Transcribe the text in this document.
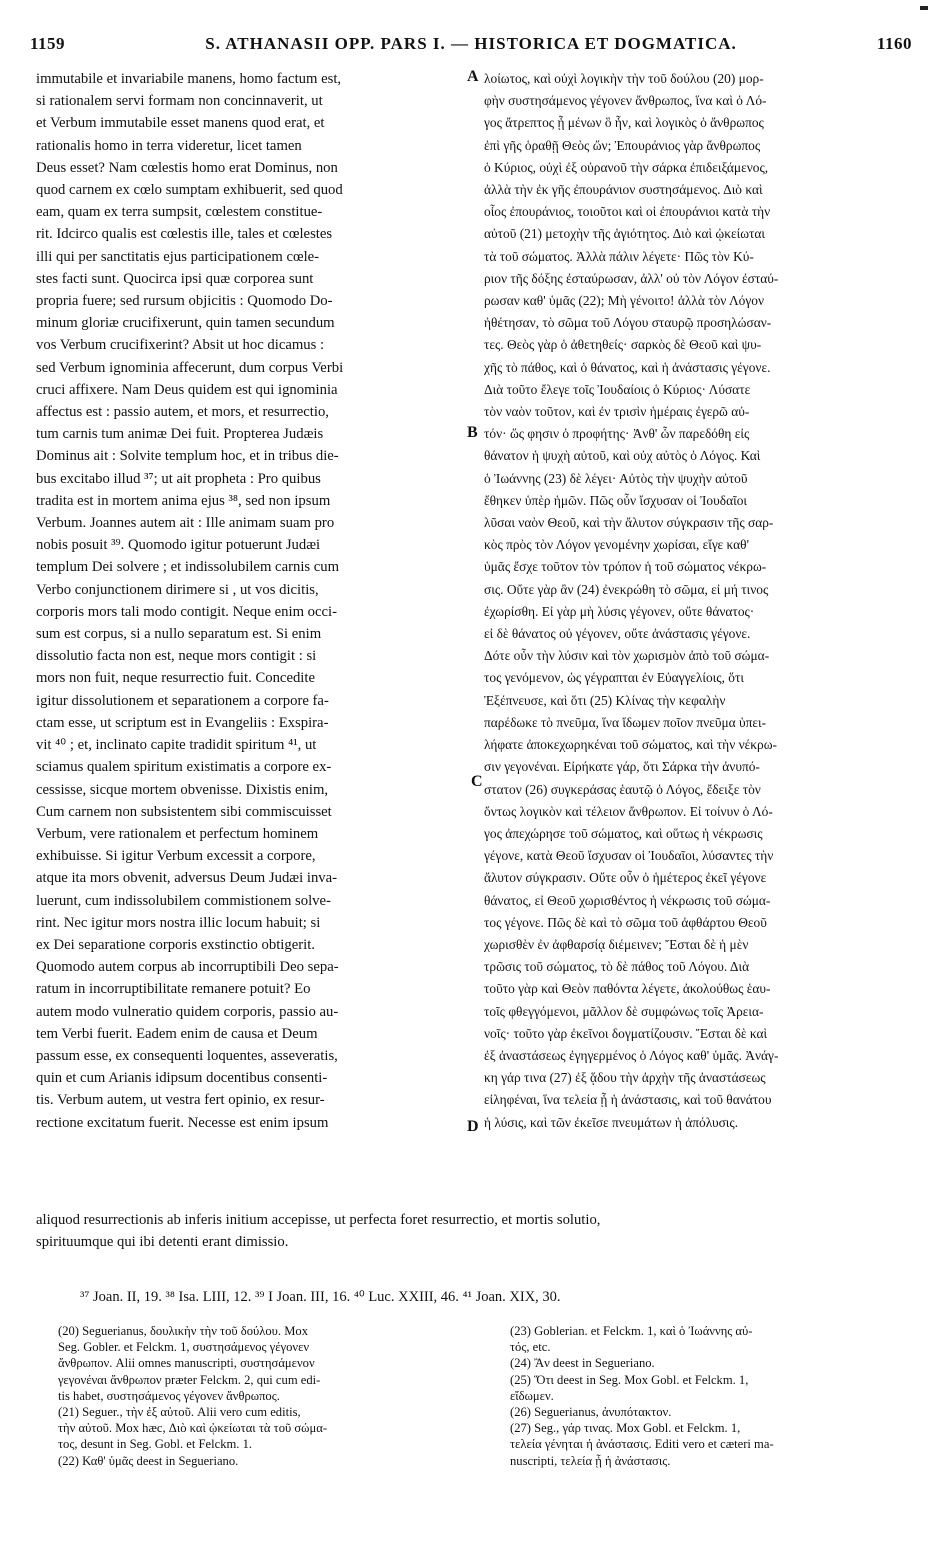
1159	S. ATHANASII OPP. PARS I. — HISTORICA ET DOGMATICA.	1160

immutabile et invariabile manens, homo factum est,

si rationalem servi formam non concinnaverit, ut

et Verbum immutabile esset manens quod erat, et

rationalis homo in terra videretur, licet tamen

Deus esset? Nam cœlestis homo erat Dominus, non

quod carnem ex cœlo sumptam exhibuerit, sed quod

eam, quam ex terra sumpsit, cœlestem constitue-

rit. Idcirco qualis est cœlestis ille, tales et cœlestes

illi qui per sanctitatis ejus participationem cœle-

stes facti sunt. Quocirca ipsi quæ corporea sunt

propria fuere; sed rursum objicitis : Quomodo Do-

minum gloriæ crucifixerunt, quin tamen secundum

vos Verbum crucifixerint? Absit ut hoc dicamus :

sed Verbum ignominia affecerunt, dum corpus Verbi

cruci affixere. Nam Deus quidem est qui ignominia

affectus est : passio autem, et mors, et resurrectio,

tum carnis tum animæ Dei fuit. Propterea Judæis

Dominus ait : Solvite templum hoc, et in tribus die-

bus excitabo illud ³⁷; ut ait propheta : Pro quibus

tradita est in mortem anima ejus ³⁸, sed non ipsum

Verbum. Joannes autem ait : Ille animam suam pro

nobis posuit ³⁹. Quomodo igitur potuerunt Judæi

templum Dei solvere ; et indissolubilem carnis cum

Verbo conjunctionem dirimere si , ut vos dicitis,

corporis mors tali modo contigit. Neque enim occi-

sum est corpus, si a nullo separatum est. Si enim

dissolutio facta non est, neque mors contigit : si

mors non fuit, neque resurrectio fuit. Concedite

igitur dissolutionem et separationem a corpore fa-

ctam esse, ut scriptum est in Evangeliis : Exspira-

vit ⁴⁰ ; et, inclinato capite tradidit spiritum ⁴¹, ut

sciamus qualem spiritum existimatis a corpore ex-

cessisse, sicque mortem obvenisse. Dixistis enim,

Cum carnem non subsistentem sibi commiscuisset

Verbum, vere rationalem et perfectum hominem

exhibuisse. Si igitur Verbum excessit a corpore,

atque ita mors obvenit, adversus Deum Judæi inva-

luerunt, cum indissolubilem commistionem solve-

rint. Nec igitur mors nostra illic locum habuit; si

ex Dei separatione corporis exstinctio obtigerit.

Quomodo autem corpus ab incorruptibili Deo sepa-

ratum in incorruptibilitate remanere potuit? Eo

autem modo vulneratio quidem corporis, passio au-

tem Verbi fuerit. Eadem enim de causa et Deum

passum esse, ex consequenti loquentes, asseveratis,

quin et cum Arianis idipsum docentibus consenti-

tis. Verbum autem, ut vestra fert opinio, ex resur-

rectione excitatum fuerit. Necesse est enim ipsum

λοίωτος, καὶ οὐχὶ λογικὴν τὴν τοῦ δούλου (20) μορ-

φὴν συστησάμενος γέγονεν ἄνθρωπος, ἵνα καὶ ὁ Λό-

γος ἄτρεπτος ᾖ μένων ὃ ἦν, καὶ λογικὸς ὁ ἄνθρωπος

ἐπὶ γῆς ὁραθῇ Θεὸς ὤν; Ἐπουράνιος γὰρ ἄνθρωπος

ὁ Κύριος, οὐχὶ ἐξ οὐρανοῦ τὴν σάρκα ἐπιδειξάμενος,

ἀλλὰ τὴν ἐκ γῆς ἐπουράνιον συστησάμενος. Διὸ καὶ

οἷος ἐπουράνιος, τοιοῦτοι καὶ οἱ ἐπουράνιοι κατὰ τὴν

αὐτοῦ (21) μετοχὴν τῆς ἁγιότητος. Διὸ καὶ ᾠκείωται

τὰ τοῦ σώματος. Ἀλλὰ πάλιν λέγετε· Πῶς τὸν Κύ-

ριον τῆς δόξης ἐσταύρωσαν, ἀλλ' οὐ τὸν Λόγον ἐσταύ-

ρωσαν καθ' ὑμᾶς (22); Μὴ γένοιτο! ἀλλὰ τὸν Λόγον

ἠθέτησαν, τὸ σῶμα τοῦ Λόγου σταυρῷ προσηλώσαν-

τες. Θεὸς γὰρ ὁ ἀθετηθείς· σαρκὸς δὲ Θεοῦ καὶ ψυ-

χῆς τὸ πάθος, καὶ ὁ θάνατος, καὶ ἡ ἀνάστασις γέγονε.

Διὰ τοῦτο ἔλεγε τοῖς Ἰουδαίοις ὁ Κύριος· Λύσατε

τὸν ναὸν τοῦτον, καὶ ἐν τρισὶν ἡμέραις ἐγερῶ αὐ-

τόν· ὥς φησιν ὁ προφήτης· Ἀνθ' ὧν παρεδόθη εἰς

θάνατον ἡ ψυχὴ αὐτοῦ, καὶ οὐχ αὐτὸς ὁ Λόγος. Καὶ

ὁ Ἰωάννης (23) δὲ λέγει· Αὐτὸς τὴν ψυχὴν αὐτοῦ

ἔθηκεν ὑπὲρ ἡμῶν. Πῶς οὖν ἴσχυσαν οἱ Ἰουδαῖοι

λῦσαι ναὸν Θεοῦ, καὶ τὴν ἄλυτον σύγκρασιν τῆς σαρ-

κὸς πρὸς τὸν Λόγον γενομένην χωρίσαι, εἴγε καθ'

ὑμᾶς ἔσχε τοῦτον τὸν τρόπον ἡ τοῦ σώματος νέκρω-

σις. Οὔτε γὰρ ἂν (24) ἐνεκρώθη τὸ σῶμα, εἰ μή τινος

ἐχωρίσθη. Εἰ γὰρ μὴ λύσις γέγονεν, οὔτε θάνατος·

εἰ δὲ θάνατος οὐ γέγονεν, οὔτε ἀνάστασις γέγονε.

Δότε οὖν τὴν λύσιν καὶ τὸν χωρισμὸν ἀπὸ τοῦ σώμα-

τος γενόμενον, ὡς γέγραπται ἐν Εὐαγγελίοις, ὅτι

Ἐξέπνευσε, καὶ ὅτι (25) Κλίνας τὴν κεφαλὴν

παρέδωκε τὸ πνεῦμα, ἵνα ἴδωμεν ποῖον πνεῦμα ὑπει-

λήφατε ἀποκεχωρηκέναι τοῦ σώματος, καὶ τὴν νέκρω-

σιν γεγονέναι. Εἰρήκατε γάρ, ὅτι Σάρκα τὴν ἀνυπό-

στατον (26) συγκεράσας ἑαυτῷ ὁ Λόγος, ἔδειξε τὸν

ὄντως λογικὸν καὶ τέλειον ἄνθρωπον. Εἰ τοίνυν ὁ Λό-

γος ἀπεχώρησε τοῦ σώματος, καὶ οὕτως ἡ νέκρωσις

γέγονε, κατὰ Θεοῦ ἴσχυσαν οἱ Ἰουδαῖοι, λύσαντες τὴν

ἄλυτον σύγκρασιν. Οὔτε οὖν ὁ ἡμέτερος ἐκεῖ γέγονε

θάνατος, εἰ Θεοῦ χωρισθέντος ἡ νέκρωσις τοῦ σώμα-

τος γέγονε. Πῶς δὲ καὶ τὸ σῶμα τοῦ ἀφθάρτου Θεοῦ

χωρισθὲν ἐν ἀφθαρσίᾳ διέμεινεν; Ἔσται δὲ ἡ μὲν

τρῶσις τοῦ σώματος, τὸ δὲ πάθος τοῦ Λόγου. Διὰ

τοῦτο γὰρ καὶ Θεὸν παθόντα λέγετε, ἀκολούθως ἑαυ-

τοῖς φθεγγόμενοι, μᾶλλον δὲ συμφώνως τοῖς Ἀρεια-

νοῖς· τοῦτο γὰρ ἐκεῖνοι δογματίζουσιν. Ἔσται δὲ καὶ

ἐξ ἀναστάσεως ἐγηγερμένος ὁ Λόγος καθ' ὑμᾶς. Ἀνάγ-

κη γάρ τινα (27) ἐξ ᾅδου τὴν ἀρχὴν τῆς ἀναστάσεως

εἰληφέναι, ἵνα τελεία ᾖ ἡ ἀνάστασις, καὶ τοῦ θανάτου

ἡ λύσις, καὶ τῶν ἐκεῖσε πνευμάτων ἡ ἀπόλυσις.

A
B
C
D

aliquod resurrectionis ab inferis initium accepisse, ut perfecta foret resurrectio, et mortis solutio,

spirituumque qui ibi detenti erant dimissio.

³⁷ Joan. II, 19. ³⁸ Isa. LIII, 12. ³⁹ I Joan. III, 16. ⁴⁰ Luc. XXIII, 46. ⁴¹ Joan. XIX, 30.

(20) Seguerianus, δουλικὴν τὴν τοῦ δούλου. Mox

Seg. Gobler. et Felckm. 1, συστησάμενος γέγονεν

ἄνθρωπον. Alii omnes manuscripti, συστησάμενον

γεγονέναι ἄνθρωπον præter Felckm. 2, qui cum edi-

tis habet, συστησάμενος γέγονεν ἄνθρωπος.

(21) Seguer., τὴν ἐξ αὐτοῦ. Alii vero cum editis,

τὴν αὐτοῦ. Mox hæc, Διὸ καὶ ᾠκείωται τὰ τοῦ σώμα-

τος, desunt in Seg. Gobl. et Felckm. 1.

(22) Καθ' ὑμᾶς deest in Segueriano.

(23) Goblerian. et Felckm. 1, καὶ ὁ Ἰωάννης αὐ-

τός, etc.

(24) Ἂν deest in Segueriano.

(25) Ὅτι deest in Seg. Mox Gobl. et Felckm. 1,

εἴδωμεν.

(26) Seguerianus, ἀνυπότακτον.

(27) Seg., γάρ τινας. Mox Gobl. et Felckm. 1,

τελεία γένηται ἡ ἀνάστασις. Editi vero et cæteri ma-

nuscripti, τελεία ᾖ ἡ ἀνάστασις.
